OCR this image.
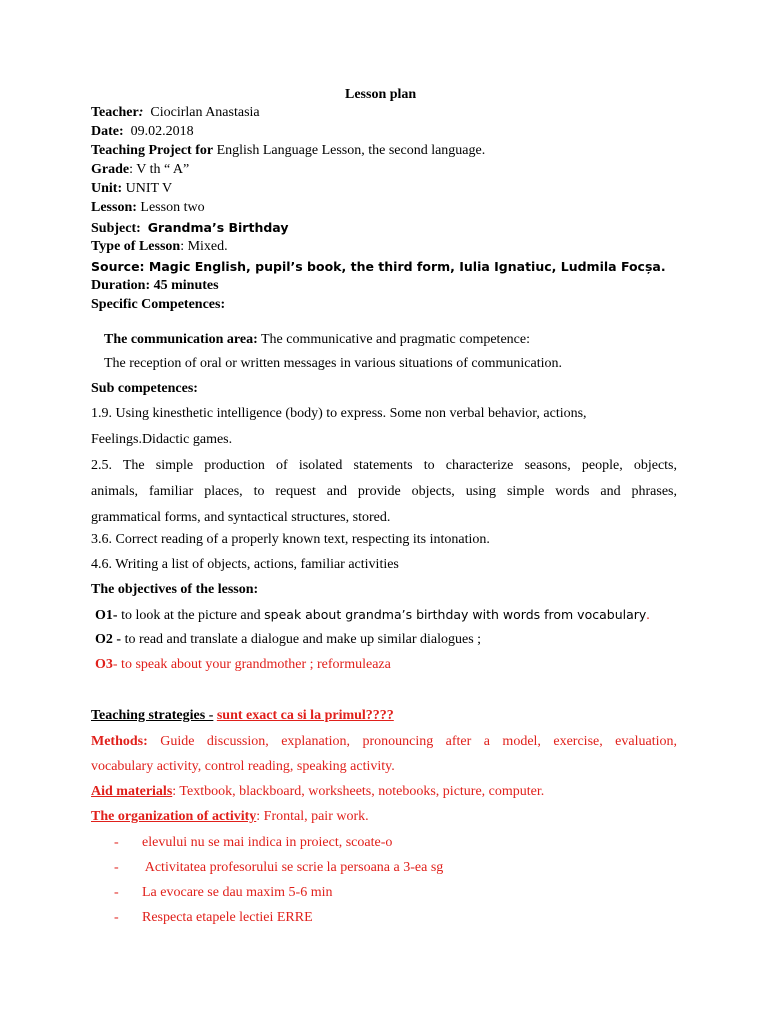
Lesson plan
Teacher: Ciocirlan Anastasia
Date: 09.02.2018
Teaching Project for English Language Lesson, the second language.
Grade: V th “ A”
Unit: UNIT V
Lesson: Lesson two
Subject: Grandma’s Birthday
Type of Lesson: Mixed.
Source: Magic English, pupil’s book, the third form, Iulia Ignatiuc, Ludmila Focșa.
Duration: 45 minutes
Specific Competences:
The communication area: The communicative and pragmatic competence:
The reception of oral or written messages in various situations of communication.
Sub competences:
1.9. Using kinesthetic intelligence (body) to express. Some non verbal behavior, actions,
Feelings.Didactic games.
2.5. The simple production of isolated statements to characterize seasons, people, objects,
animals, familiar places, to request and provide objects, using simple words and phrases,
grammatical forms, and syntactical structures, stored.
3.6. Correct reading of a properly known text, respecting its intonation.
4.6. Writing a list of objects, actions, familiar activities
The objectives of the lesson:
O1- to look at the picture and speak about grandma’s birthday with words from vocabulary.
O2 - to read and translate a dialogue and make up similar dialogues ;
O3- to speak about your grandmother ; reformuleaza
Teaching strategies - sunt exact ca si la primul????
Methods: Guide discussion, explanation, pronouncing after a model, exercise, evaluation,
vocabulary activity, control reading, speaking activity.
Aid materials: Textbook, blackboard, worksheets, notebooks, picture, computer.
The organization of activity: Frontal, pair work.
- elevului nu se mai indica in proiect, scoate-o
- Activitatea profesorului se scrie la persoana a 3-ea sg
- La evocare se dau maxim 5-6 min
- Respecta etapele lectiei ERRE
